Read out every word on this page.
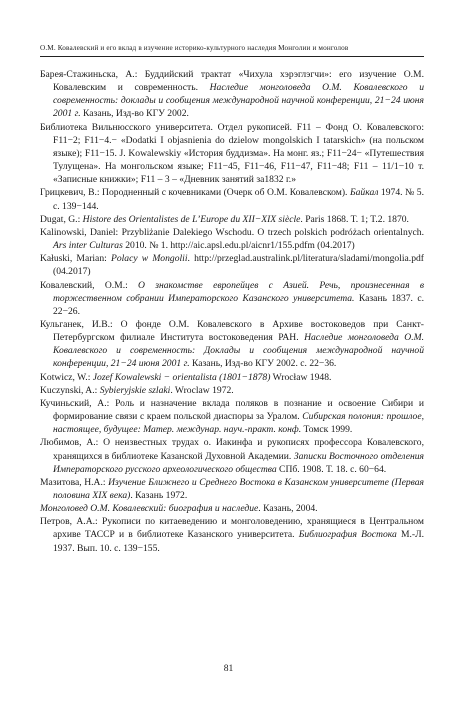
О.М. Ковалевский и его вклад в изучение историко-культурного наследия Монголии и монголов

Барея-Стажиньска, А.: Буддийский трактат «Чихула хэрэглэгчи»: его изучение О.М. Ковалевским и современность. Наследие монголоведа О.М. Ковалевского и современность: доклады и сообщения международной научной конференции, 21−24 июня 2001 г. Казань, Изд-во КГУ 2002.

Библиотека Вильнюсского университета. Отдел рукописей. F11 – Фонд О. Ковалевского: F11−2; F11−4.− «Dodatki I objasnienia do dzielow mongolskich I tatarskich» (на польском языке); F11−15. J. Kowalewskiy «История буддизма». На монг. яз.; F11−24− «Путешествия Тулущена». На монгольском языке; F11−45, F11−46, F11−47, F11−48; F11 – 11/1−10 т. «Записные книжки»; F11 – 3 – «Дневник занятий за1832 г.»

Грицкевич, В.: Породненный с кочевниками (Очерк об О.М. Ковалевском). Байкал 1974. № 5. с. 139−144.

Dugat, G.: Histore des Orientalistes de L’Europe du XII−XIX siècle. Paris 1868. T. 1; T.2. 1870.

Kalinowski, Daniel: Przybliżanie Dalekiego Wschodu. O trzech polskich podróżach orientalnych. Ars inter Culturas 2010. № 1. http://aic.apsl.edu.pl/aicnr1/155.pdfm (04.2017)

Kałuski, Marian: Polacy w Mongolii. http://przeglad.australink.pl/literatura/sladami/mongolia.pdf (04.2017)

Ковалевский, О.М.: О знакомстве европейцев с Азией. Речь, произнесенная в торжественном собрании Императорского Казанского университета. Казань 1837. с. 22−26.

Кульганек, И.В.: О фонде О.М. Ковалевского в Архиве востоковедов при Санкт-Петербургском филиале Института востоковедения РАН. Наследие монголоведа О.М. Ковалевского и современность: Доклады и сообщения международной научной конференции, 21−24 июня 2001 г. Казань, Изд-во КГУ 2002. с. 22−36.

Kotwicz, W.: Jozef Kowalewski − orientalista (1801−1878) Wrocław 1948.

Kuczynski, A.: Sybieryjskie szlaki. Wroclaw 1972.

Кучиньский, А.: Роль и назначение вклада поляков в познание и освоение Сибири и формирование связи с краем польской диаспоры за Уралом. Сибирская полония: прошлое, настоящее, будущее: Матер. междунар. науч.-практ. конф. Томск 1999.

Любимов, А.: О неизвестных трудах о. Иакинфа и рукописях профессора Ковалевского, хранящихся в библиотеке Казанской Духовной Академии. Записки Восточного отделения Императорского русского археологического общества СПб. 1908. Т. 18. с. 60−64.

Мазитова, Н.А.: Изучение Ближнего и Среднего Востока в Казанском университете (Первая половина XIX века). Казань 1972.

Монголовед О.М. Ковалевский: биография и наследие. Казань, 2004.

Петров, А.А.: Рукописи по китаеведению и монголоведению, хранящиеся в Центральном архиве ТАССР и в библиотеке Казанского университета. Библиография Востока М.-Л. 1937. Вып. 10. с. 139−155.

81
